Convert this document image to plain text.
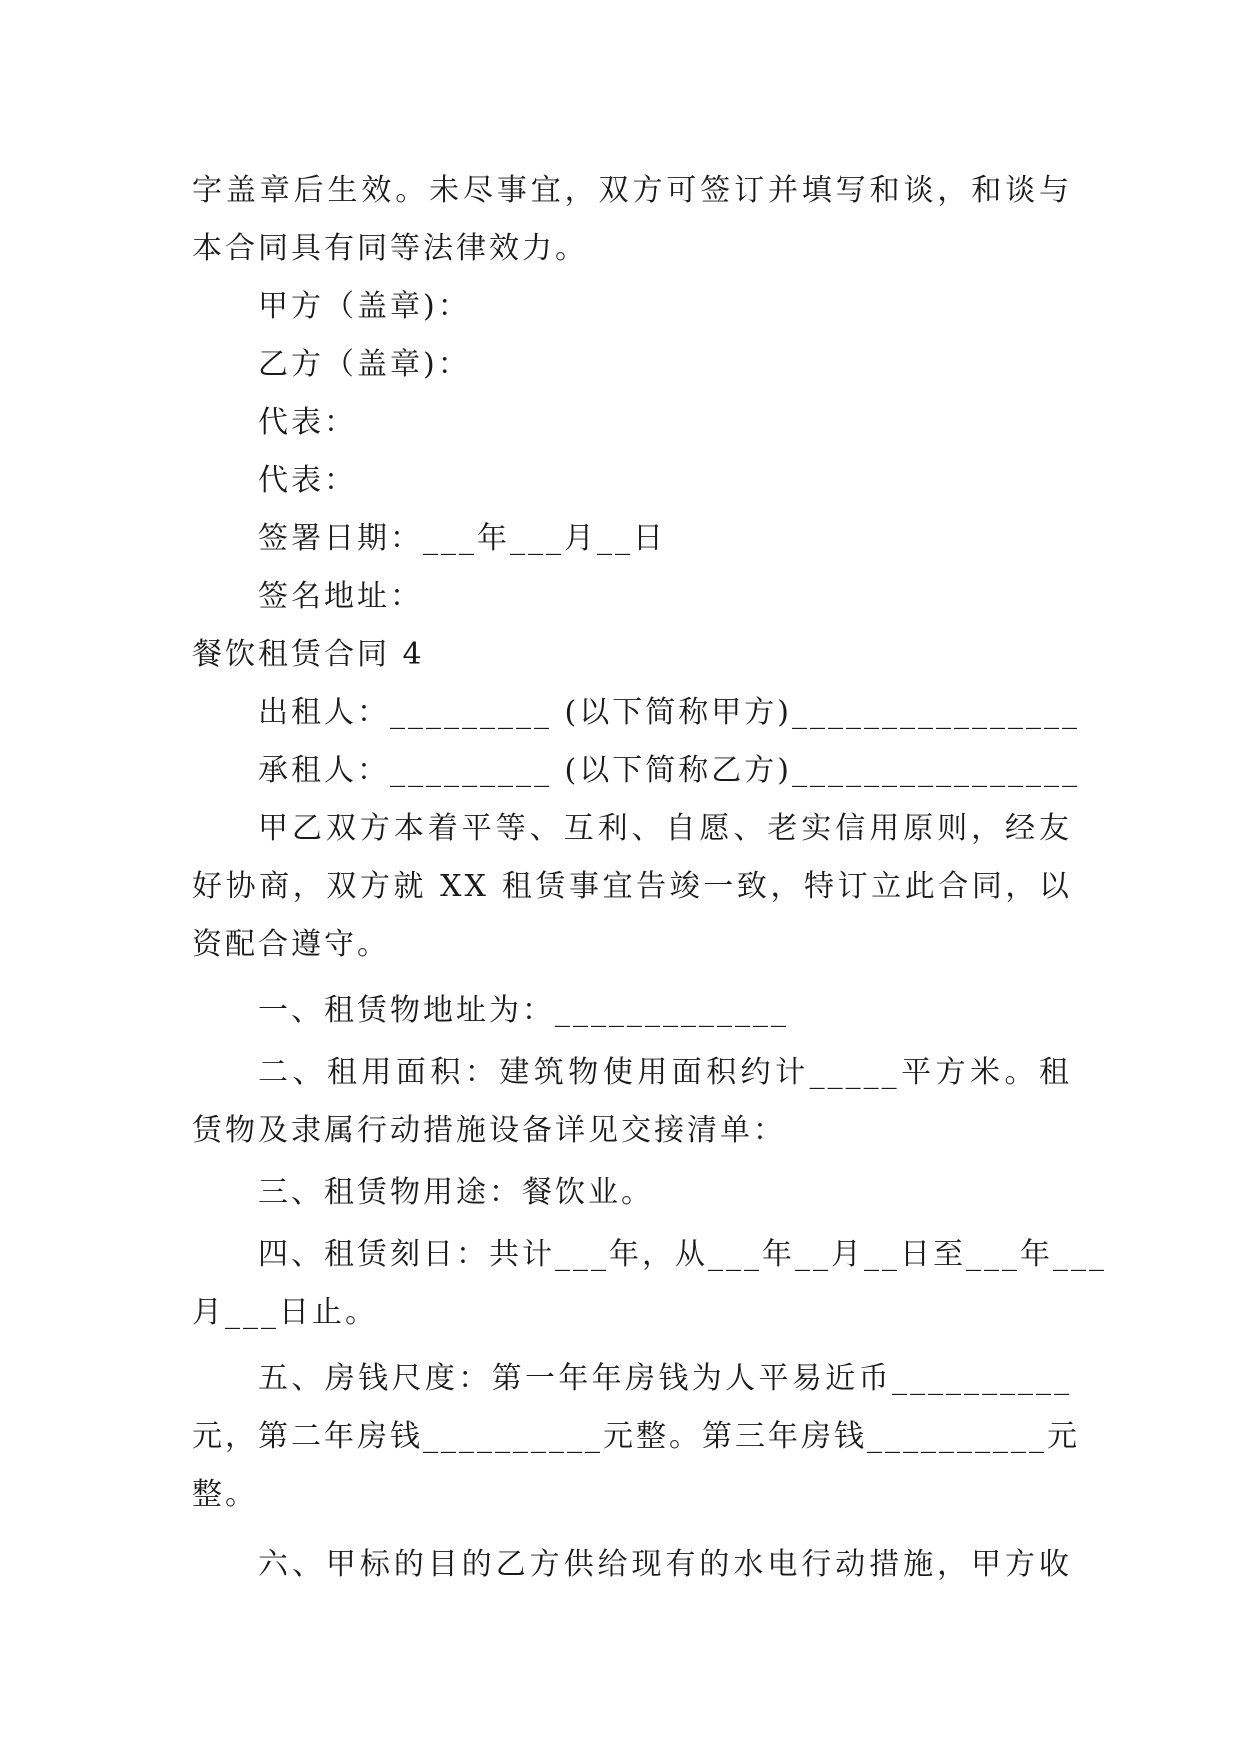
字盖章后生效。未尽事宜，双方可签订并填写和谈，和谈与
本合同具有同等法律效力。
甲方（盖章)：
乙方（盖章)：
代表：
代表：
签署日期：___年___月__日
签名地址：
餐饮租赁合同 4
出租人：_________ (以下简称甲方)________________
承租人：_________ (以下简称乙方)________________
甲乙双方本着平等、互利、自愿、老实信用原则，经友
好协商，双方就 XX 租赁事宜告竣一致，特订立此合同，以
资配合遵守。
一、租赁物地址为：_____________
二、租用面积：建筑物使用面积约计_____平方米。租
赁物及隶属行动措施设备详见交接清单：
三、租赁物用途：餐饮业。
四、租赁刻日：共计___年，从___年__月__日至___年___
月___日止。
五、房钱尺度：第一年年房钱为人平易近币__________
元，第二年房钱__________元整。第三年房钱__________元
整。
六、甲标的目的乙方供给现有的水电行动措施，甲方收
